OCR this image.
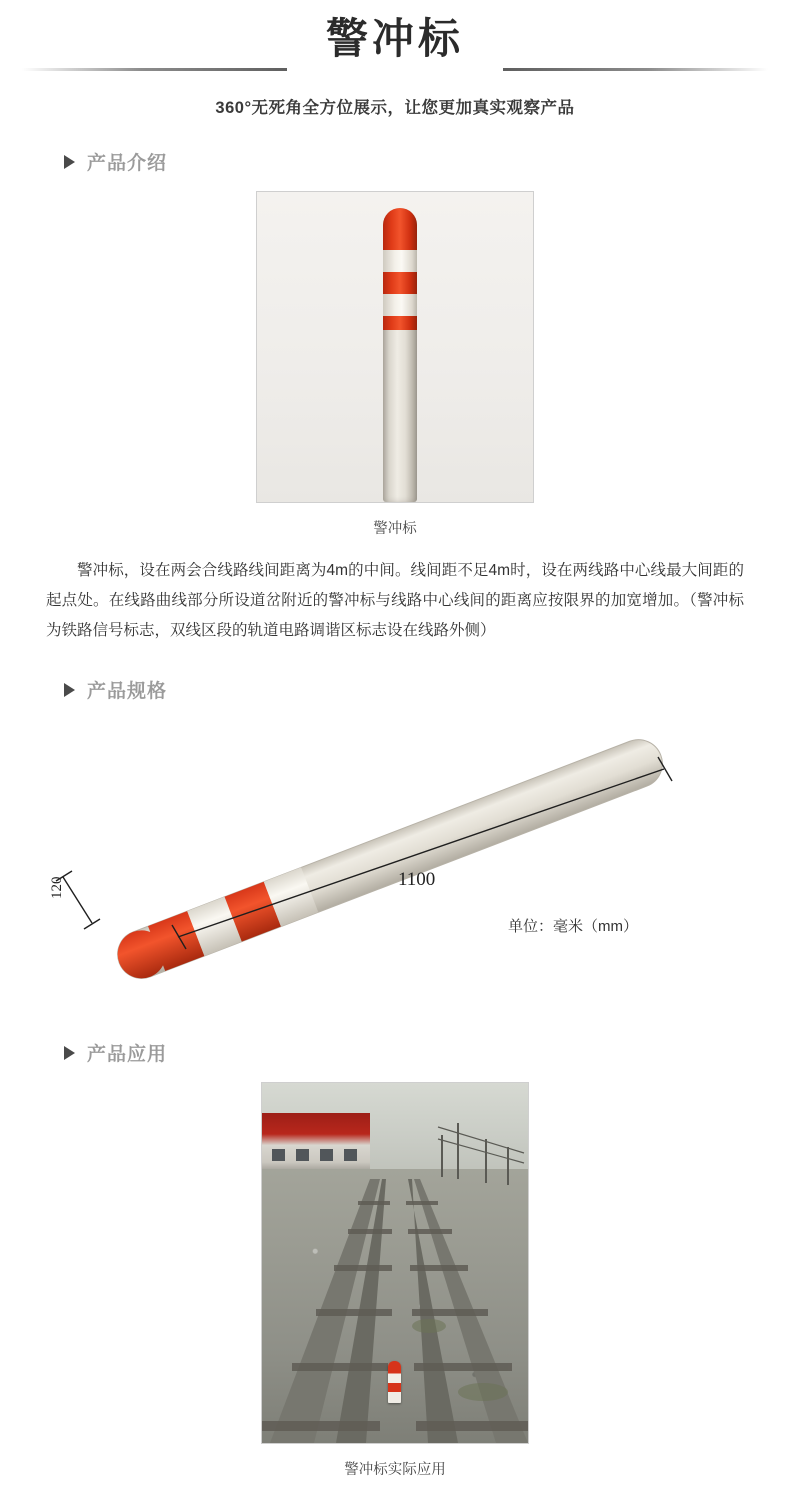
警冲标
360°无死角全方位展示，让您更加真实观察产品
产品介绍
警冲标
警冲标，设在两会合线路线间距离为4m的中间。线间距不足4m时，设在两线路中心线最大间距的起点处。在线路曲线部分所设道岔附近的警冲标与线路中心线间的距离应按限界的加宽增加。（警冲标为铁路信号标志，双线区段的轨道电路调谐区标志设在线路外侧）
产品规格
1100
120
单位：毫米（mm）
产品应用
警冲标实际应用
